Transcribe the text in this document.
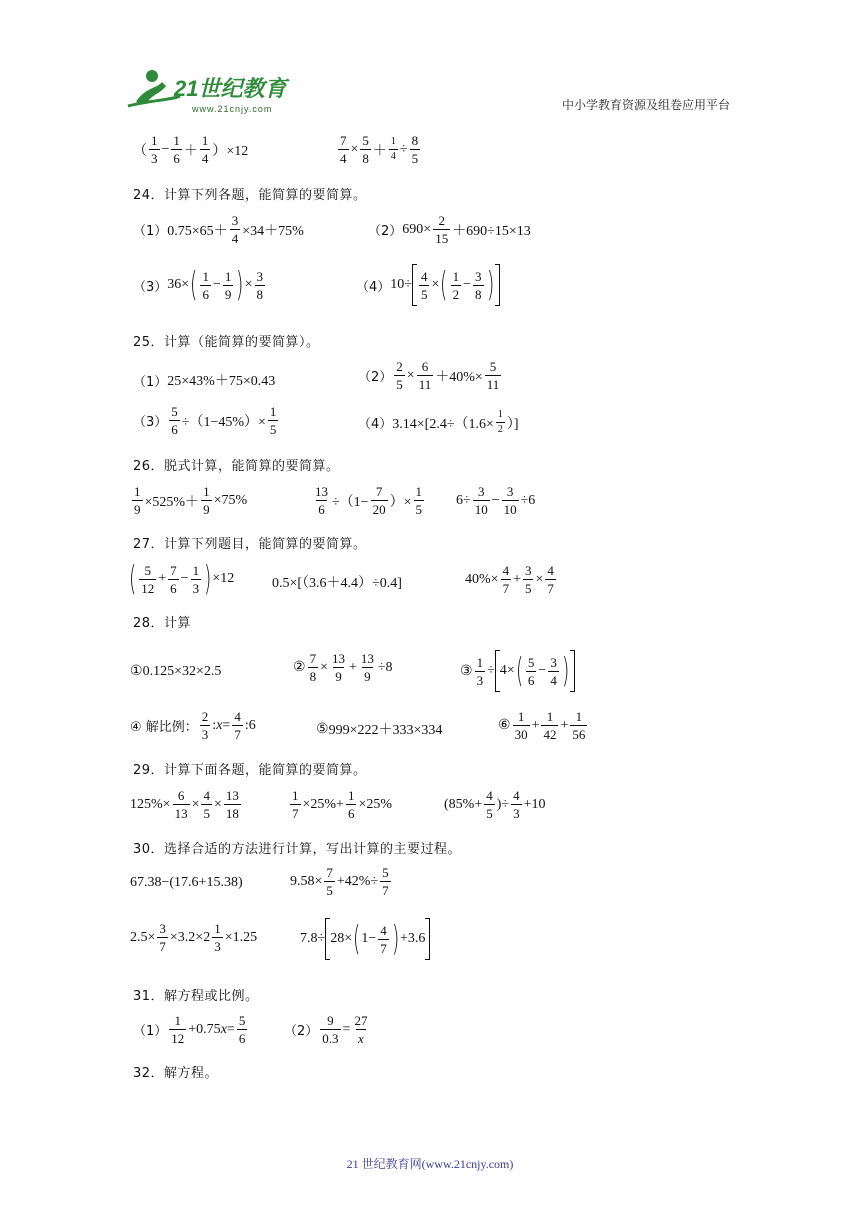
21世纪教育
www.21cnjy.com	中小学教育资源及组卷应用平台
（
1
3
−
1
6 ＋
1
4 ）×12
7
4
×
5
8 ＋
1
4 ÷
8
5
24．计算下列各题，能简算的要简算。
（1） 0.75×65＋
3
4 ×34＋75%	（2） 690×
2
15 ＋690÷15×13
（3） 36× ( 1
6
−
1
9 ) ×
3
8	（4） 10÷
4
5
× ( 1
2
−
3
8 )
25．计算（能简算的要简算）。
（1） 25×43%＋75×0.43	（2）
2
5
×
6
11 ＋40%×
5
11
（3）
5
6 ÷（1−45%）×
1
5	（4） 3.14×[2.4÷（1.6×
1
2 ）]
26．脱式计算，能简算的要简算。
1
9 ×525%＋
1
9
×75%
13
6 ÷（1−
7
20 ）×
1
5
6÷
3
10
−
3
10
÷6
27．计算下列题目，能简算的要简算。
( 5
12
+
7
6
−
1
3 ) ×12	0.5×[（3.6＋4.4）÷0.4]	40%×
4
7
+
3
5
×
4
7
28．计算
① 0.125×32×2.5	②
7
8
×
13
9
+
13
9
÷8	③
1
3
÷ 4× ( 5
6
−
3
4 )
④ 解比例：
2
3
: x =
4
7
:6	⑤ 999×222＋333×334	⑥
1
30
+
1
42
+
1
56
29．计算下面各题，能简算的要简算。
125%×
6
13
×
4
5
×
13
18
1
7
×25%+
1
6
×25%	(85%+
4
5
)÷
4
3
+10
30．选择合适的方法进行计算，写出计算的主要过程。
67.38−(17.6+15.38)	9.58×
7
5
+42%÷
5
7
2.5×
3
7
×3.2×2
1
3
×1.25	7.8÷ 28× ( 1−
4
7 ) +3.6
31．解方程或比例。
（1）
1
12
+0.75 x =
5
6	（2）
9
0.3
=
27
x
32．解方程。
21 世纪教育网(www.21cnjy.com)
